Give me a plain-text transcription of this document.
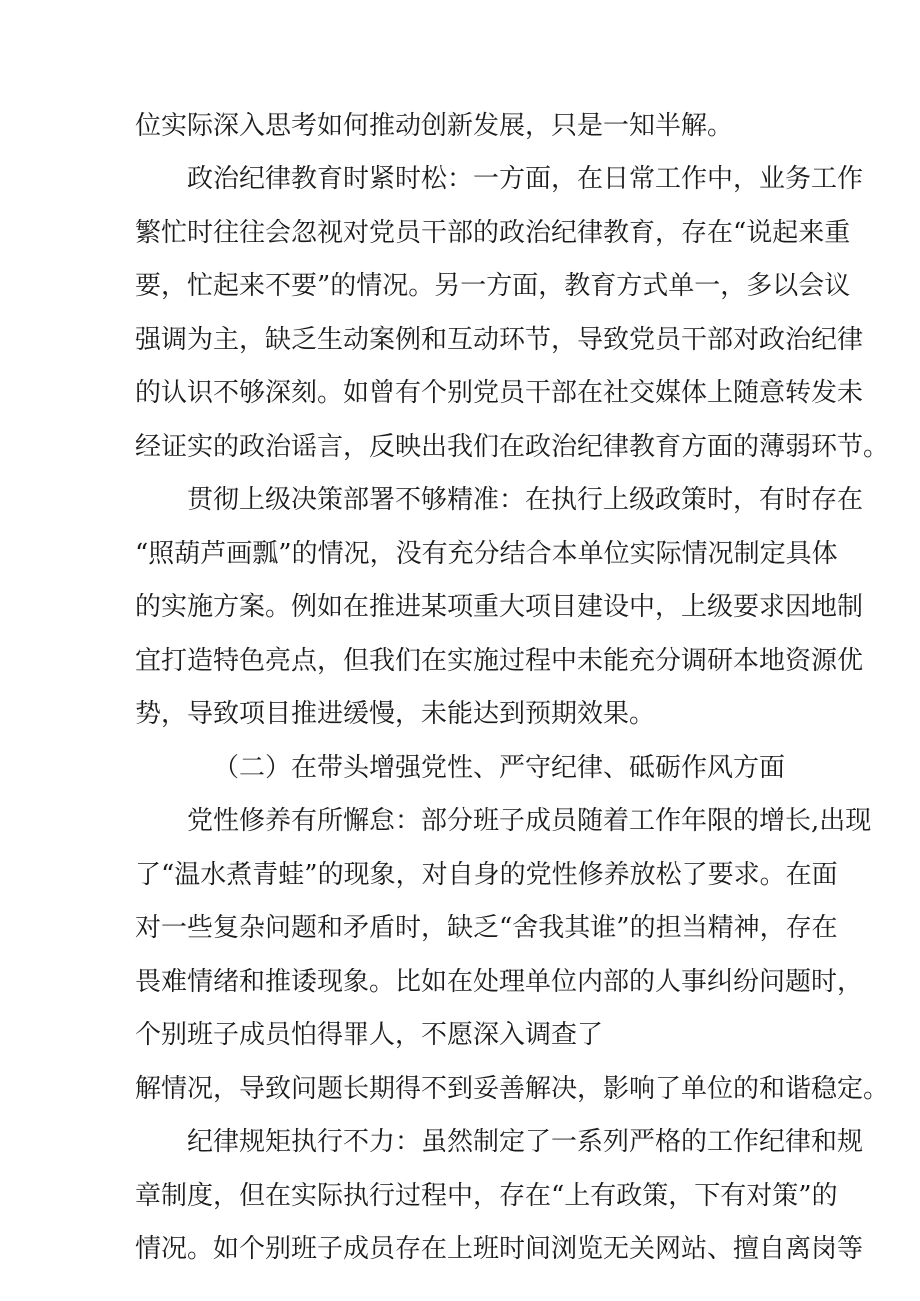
位实际深入思考如何推动创新发展，只是一知半解。

政治纪律教育时紧时松：一方面，在日常工作中，业务工作

繁忙时往往会忽视对党员干部的政治纪律教育，存在“说起来重

要，忙起来不要”的情况。另一方面，教育方式单一，多以会议

强调为主，缺乏生动案例和互动环节，导致党员干部对政治纪律

的认识不够深刻。如曾有个别党员干部在社交媒体上随意转发未

经证实的政治谣言，反映出我们在政治纪律教育方面的薄弱环节。

贯彻上级决策部署不够精准：在执行上级政策时，有时存在

“照葫芦画瓢”的情况，没有充分结合本单位实际情况制定具体

的实施方案。例如在推进某项重大项目建设中，上级要求因地制

宜打造特色亮点，但我们在实施过程中未能充分调研本地资源优

势，导致项目推进缓慢，未能达到预期效果。

（二）在带头增强党性、严守纪律、砥砺作风方面

党性修养有所懈怠：部分班子成员随着工作年限的增长,出现

了“温水煮青蛙”的现象，对自身的党性修养放松了要求。在面

对一些复杂问题和矛盾时，缺乏“舍我其谁”的担当精神，存在

畏难情绪和推诿现象。比如在处理单位内部的人事纠纷问题时，

个别班子成员怕得罪人，不愿深入调查了

解情况，导致问题长期得不到妥善解决，影响了单位的和谐稳定。

纪律规矩执行不力：虽然制定了一系列严格的工作纪律和规

章制度，但在实际执行过程中，存在“上有政策，下有对策”的

情况。如个别班子成员存在上班时间浏览无关网站、擅自离岗等
